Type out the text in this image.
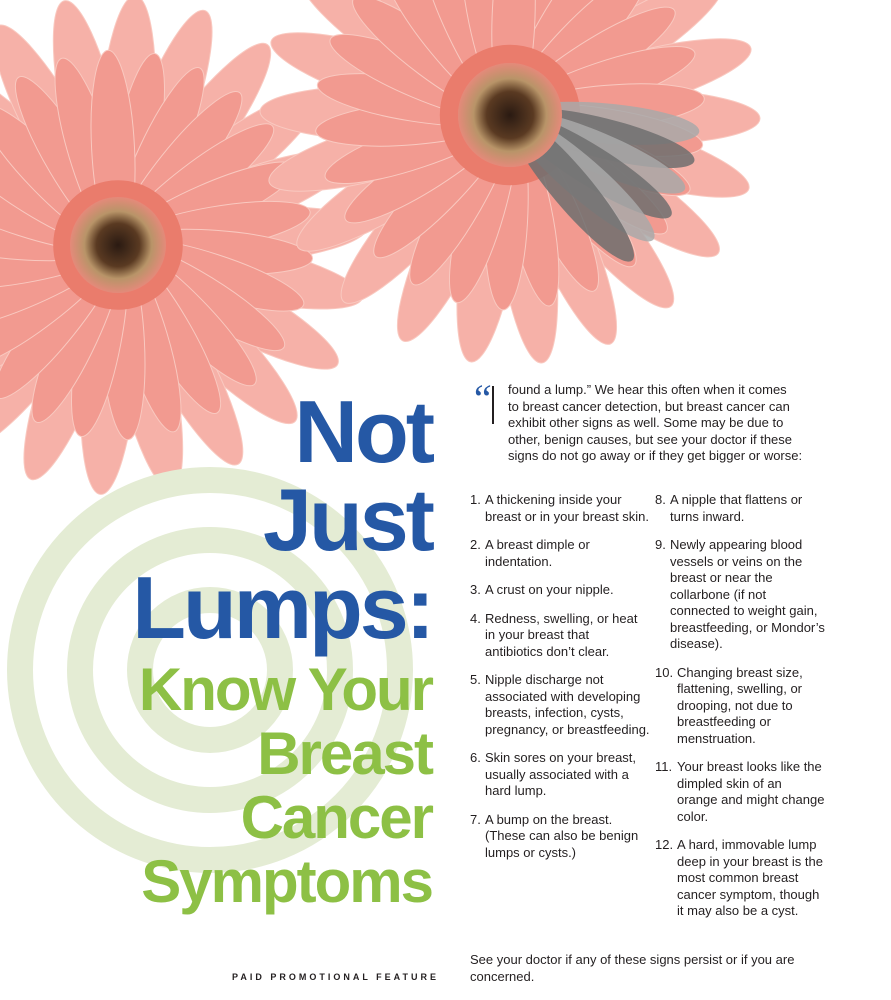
Not
Just
Lumps:
Know Your
Breast
Cancer
Symptoms
PAID PROMOTIONAL FEATURE
“	found a lump.” We hear this often when it comes

to breast cancer detection, but breast cancer can exhibit other signs as well. Some may be due to other, benign causes, but see your doctor if these signs do not go away or if they get bigger or worse:

1. A thickening inside your breast or in your breast skin.
2. A breast dimple or indentation.
3. A crust on your nipple.
4. Redness, swelling, or heat in your breast that antibiotics don’t clear.
5. Nipple discharge not associated with developing breasts, infection, cysts, pregnancy, or breastfeeding.
6. Skin sores on your breast, usually associated with a hard lump.
7. A bump on the breast. (These can also be benign lumps or cysts.)
8. A nipple that flattens or turns inward.
9. Newly appearing blood vessels or veins on the breast or near the collarbone (if not connected to weight gain, breastfeeding, or Mondor’s disease).
10. Changing breast size, flattening, swelling, or drooping, not due to breastfeeding or menstruation.
11. Your breast looks like the dimpled skin of an orange and might change color.
12. A hard, immovable lump deep in your breast is the most common breast cancer symptom, though it may also be a cyst.
See your doctor if any of these signs persist or if you are concerned.
